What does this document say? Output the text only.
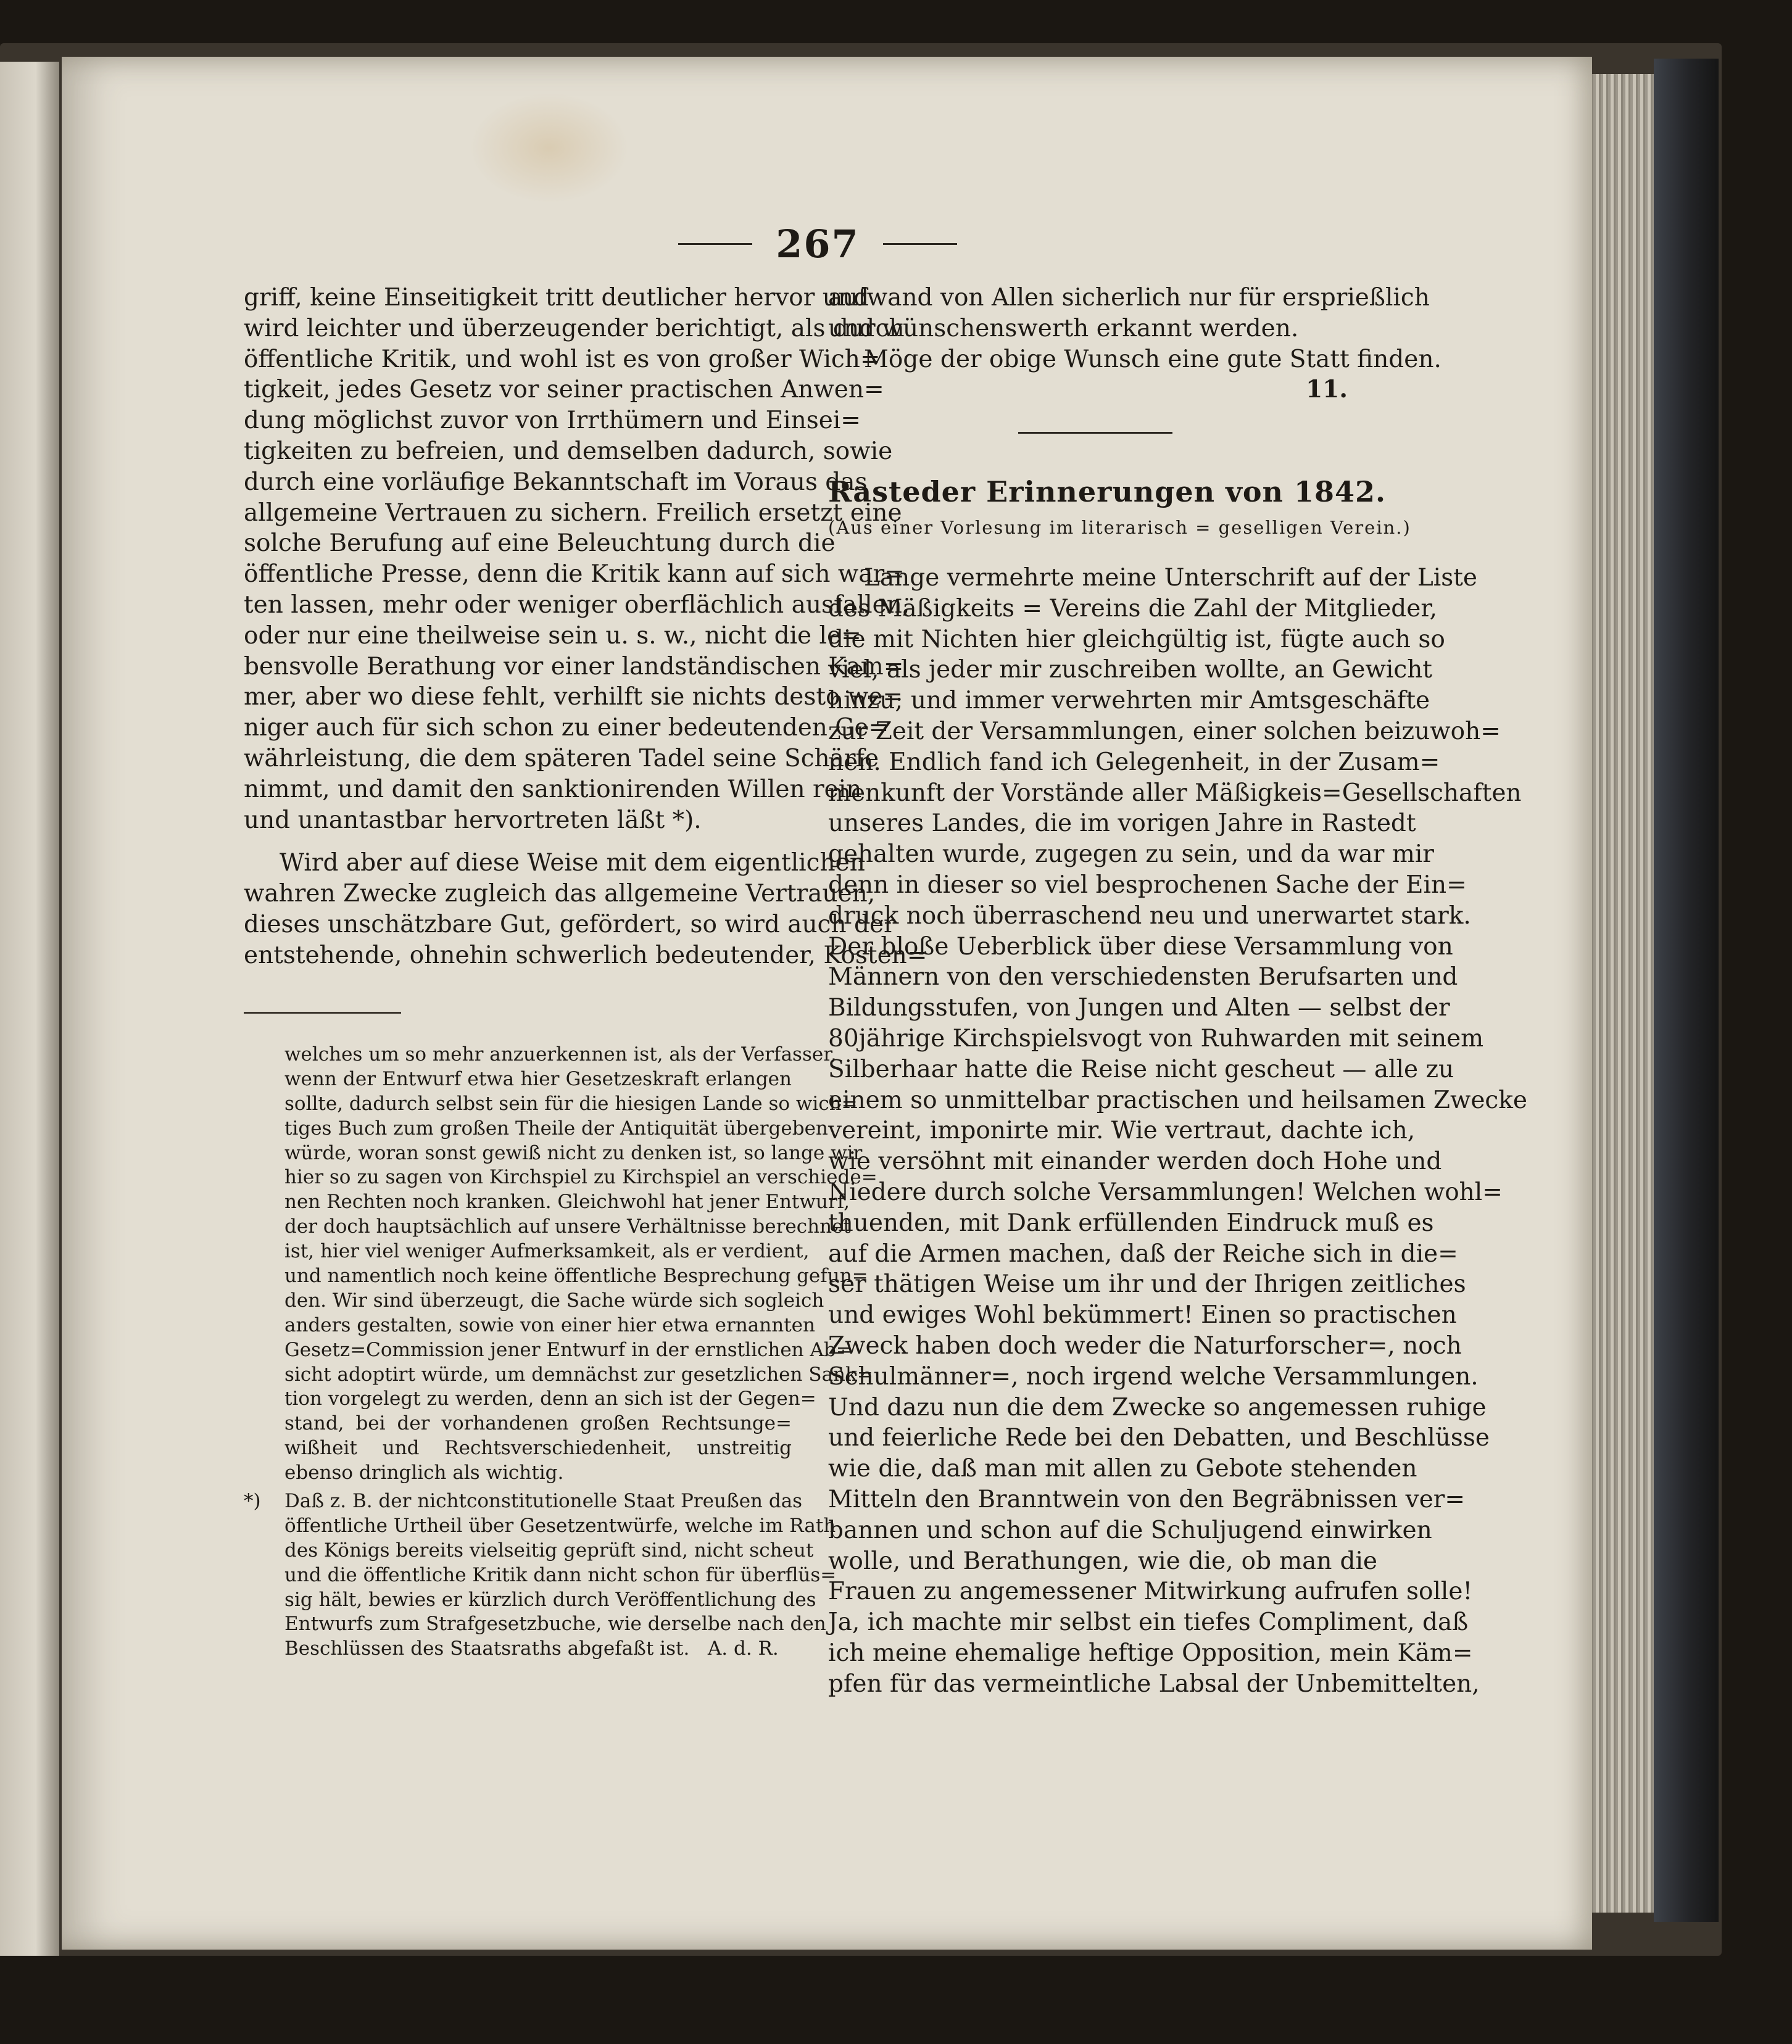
267
griff, keine Einseitigkeit tritt deutlicher hervor und
wird leichter und überzeugender berichtigt, als durch
öffentliche Kritik, und wohl ist es von großer Wich=
tigkeit, jedes Gesetz vor seiner practischen Anwen=
dung möglichst zuvor von Irrthümern und Einsei=
tigkeiten zu befreien, und demselben dadurch, sowie
durch eine vorläufige Bekanntschaft im Voraus das
allgemeine Vertrauen zu sichern. Freilich ersetzt eine
solche Berufung auf eine Beleuchtung durch die
öffentliche Presse, denn die Kritik kann auf sich war=
ten lassen, mehr oder weniger oberflächlich ausfallen,
oder nur eine theilweise sein u. s. w., nicht die le=
bensvolle Berathung vor einer landständischen Kam=
mer, aber wo diese fehlt, verhilft sie nichts desto we=
niger auch für sich schon zu einer bedeutenden Ge=
währleistung, die dem späteren Tadel seine Schärfe
nimmt, und damit den sanktionirenden Willen rein
und unantastbar hervortreten läßt *).
Wird aber auf diese Weise mit dem eigentlichen
wahren Zwecke zugleich das allgemeine Vertrauen,
dieses unschätzbare Gut, gefördert, so wird auch der
entstehende, ohnehin schwerlich bedeutender, Kosten=
welches um so mehr anzuerkennen ist, als der Verfasser,
wenn der Entwurf etwa hier Gesetzeskraft erlangen
sollte, dadurch selbst sein für die hiesigen Lande so wich=
tiges Buch zum großen Theile der Antiquität übergeben
würde, woran sonst gewiß nicht zu denken ist, so lange wir
hier so zu sagen von Kirchspiel zu Kirchspiel an verschiede=
nen Rechten noch kranken. Gleichwohl hat jener Entwurf,
der doch hauptsächlich auf unsere Verhältnisse berechnet
ist, hier viel weniger Aufmerksamkeit, als er verdient,
und namentlich noch keine öffentliche Besprechung gefun=
den. Wir sind überzeugt, die Sache würde sich sogleich
anders gestalten, sowie von einer hier etwa ernannten
Gesetz=Commission jener Entwurf in der ernstlichen Ab=
sicht adoptirt würde, um demnächst zur gesetzlichen Sank=
tion vorgelegt zu werden, denn an sich ist der Gegen=
stand, bei der vorhandenen großen Rechtsunge=
wißheit und Rechtsverschiedenheit, unstreitig
ebenso dringlich als wichtig.
*)	Daß z. B. der nichtconstitutionelle Staat Preußen das
öffentliche Urtheil über Gesetzentwürfe, welche im Rath
des Königs bereits vielseitig geprüft sind, nicht scheut
und die öffentliche Kritik dann nicht schon für überflüs=
sig hält, bewies er kürzlich durch Veröffentlichung des
Entwurfs zum Strafgesetzbuche, wie derselbe nach den
Beschlüssen des Staatsraths abgefaßt ist.   A. d. R.
aufwand von Allen sicherlich nur für ersprießlich
und wünschenswerth erkannt werden.
Möge der obige Wunsch eine gute Statt finden.
11.
Rasteder Erinnerungen von 1842.
(Aus einer Vorlesung im literarisch = geselligen Verein.)
Lange vermehrte meine Unterschrift auf der Liste
des Mäßigkeits = Vereins die Zahl der Mitglieder,
die mit Nichten hier gleichgültig ist, fügte auch so
viel, als jeder mir zuschreiben wollte, an Gewicht
hinzu; und immer verwehrten mir Amtsgeschäfte
zur Zeit der Versammlungen, einer solchen beizuwoh=
nen. Endlich fand ich Gelegenheit, in der Zusam=
menkunft der Vorstände aller Mäßigkeis=Gesellschaften
unseres Landes, die im vorigen Jahre in Rastedt
gehalten wurde, zugegen zu sein, und da war mir
denn in dieser so viel besprochenen Sache der Ein=
druck noch überraschend neu und unerwartet stark.
Der bloße Ueberblick über diese Versammlung von
Männern von den verschiedensten Berufsarten und
Bildungsstufen, von Jungen und Alten — selbst der
80jährige Kirchspielsvogt von Ruhwarden mit seinem
Silberhaar hatte die Reise nicht gescheut — alle zu
einem so unmittelbar practischen und heilsamen Zwecke
vereint, imponirte mir. Wie vertraut, dachte ich,
wie versöhnt mit einander werden doch Hohe und
Niedere durch solche Versammlungen! Welchen wohl=
thuenden, mit Dank erfüllenden Eindruck muß es
auf die Armen machen, daß der Reiche sich in die=
ser thätigen Weise um ihr und der Ihrigen zeitliches
und ewiges Wohl bekümmert! Einen so practischen
Zweck haben doch weder die Naturforscher=, noch
Schulmänner=, noch irgend welche Versammlungen.
Und dazu nun die dem Zwecke so angemessen ruhige
und feierliche Rede bei den Debatten, und Beschlüsse
wie die, daß man mit allen zu Gebote stehenden
Mitteln den Branntwein von den Begräbnissen ver=
bannen und schon auf die Schuljugend einwirken
wolle, und Berathungen, wie die, ob man die
Frauen zu angemessener Mitwirkung aufrufen solle!
Ja, ich machte mir selbst ein tiefes Compliment, daß
ich meine ehemalige heftige Opposition, mein Käm=
pfen für das vermeintliche Labsal der Unbemittelten,
